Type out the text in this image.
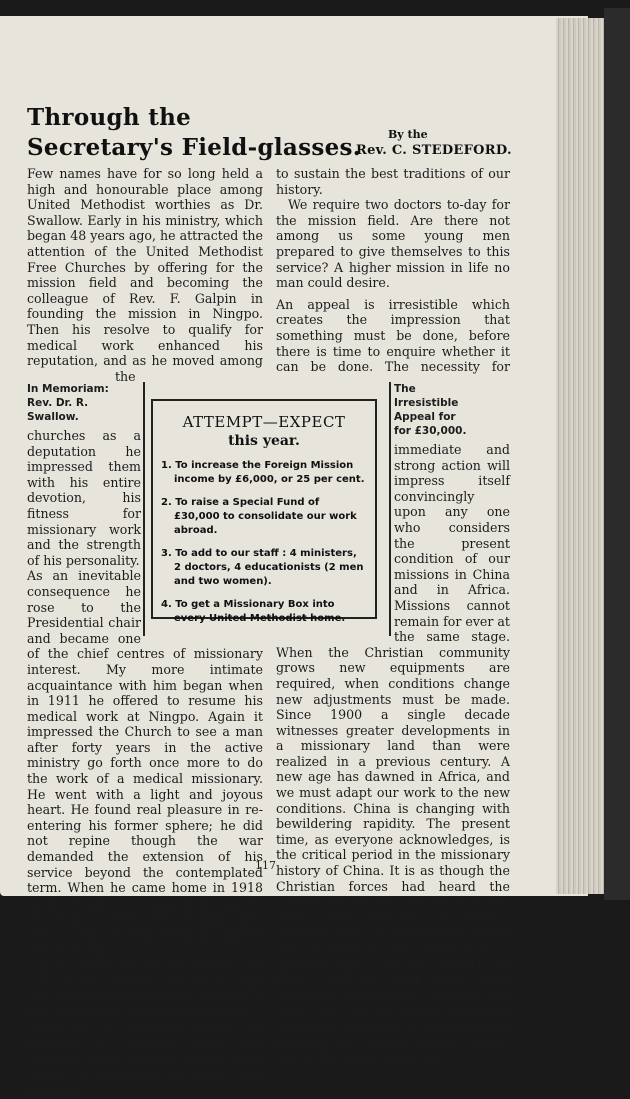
Through the
Secretary's Field-glasses. By the
Rev. C. STEDEFORD.

In Memoriam: Rev. Dr. R. Swallow.
Few names have for so long held a high and honourable place among United Methodist worthies as Dr. Swallow. Early in his ministry, which began 48 years ago, he attracted the attention of the United Methodist Free Churches by offering for the mission field and becoming the colleague of Rev. F. Galpin in founding the mission in Ningpo. Then his resolve to qualify for medical work enhanced his reputation, and as he moved among the churches as a deputation he impressed them with his entire devotion, his fitness for missionary work and the strength of his personality.

As an inevitable consequence he rose to the Presidential chair and became one of the chief centres of missionary interest. My more intimate acquaintance with him began when in 1911 he offered to resume his medical work at Ningpo. Again it impressed the Church to see a man after forty years in the active ministry go forth once more to do the work of a medical missionary. He went with a light and joyous heart. He found real pleasure in re-entering his former sphere; he did not repine though the war demanded the extension of his service beyond the contemplated term. When he came home in 1918 heart weakness compelled him to cease his active service and after only a year in retirement he quietly fell on sleep.

Last month in Mr. Chapman and now in Dr. Swallow we record the loss of two very prominent figures in the missionary affairs of our Church. Again we call upon the young and vigorous to become great and daring in their devotion to the great cause of Christian missions, and worthily

to sustain the best traditions of our history.

We require two doctors to-day for the mission field. Are there not among us some young men prepared to give themselves to this service? A higher mission in life no man could desire.

The Irresistible Appeal for for £30,000.
An appeal is irresistible which creates the impression that something must be done, before there is time to enquire whether it can be done. The necessity for immediate and strong action will impress itself convincingly upon any one who considers the present condition of our missions in China and in Africa. Missions cannot remain for ever at the same stage. When the Christian community grows new equipments are required, when conditions change new adjustments must be made. Since 1900 a single decade witnesses greater developments in a missionary land than were realized in a previous century. A new age has dawned in Africa, and we must adapt our work to the new conditions. China is changing with bewildering rapidity. The present time, as everyone acknowledges, is the critical period in the missionary history of China. It is as though the Christian forces had heard the command, “Go in and possess the land.” Our Mission in Yunnan presents such an opportunity that if we improve it we shall reap a hundred-fold and the Church of Christ will be built there upon enduring foundations. Yunnan has been one of the most backward provinces in China. It may become through the power of the Gospel one of the most advanced.

ATTEMPT—EXPECT
this year.
1. To increase the Foreign Mission income by £6,000, or 25 per cent.
2. To raise a Special Fund of £30,000 to consolidate our work abroad.
3. To add to our staff : 4 ministers, 2 doctors, 4 educationists (2 men and two women).
4. To get a Missionary Box into every United Methodist home.
117
